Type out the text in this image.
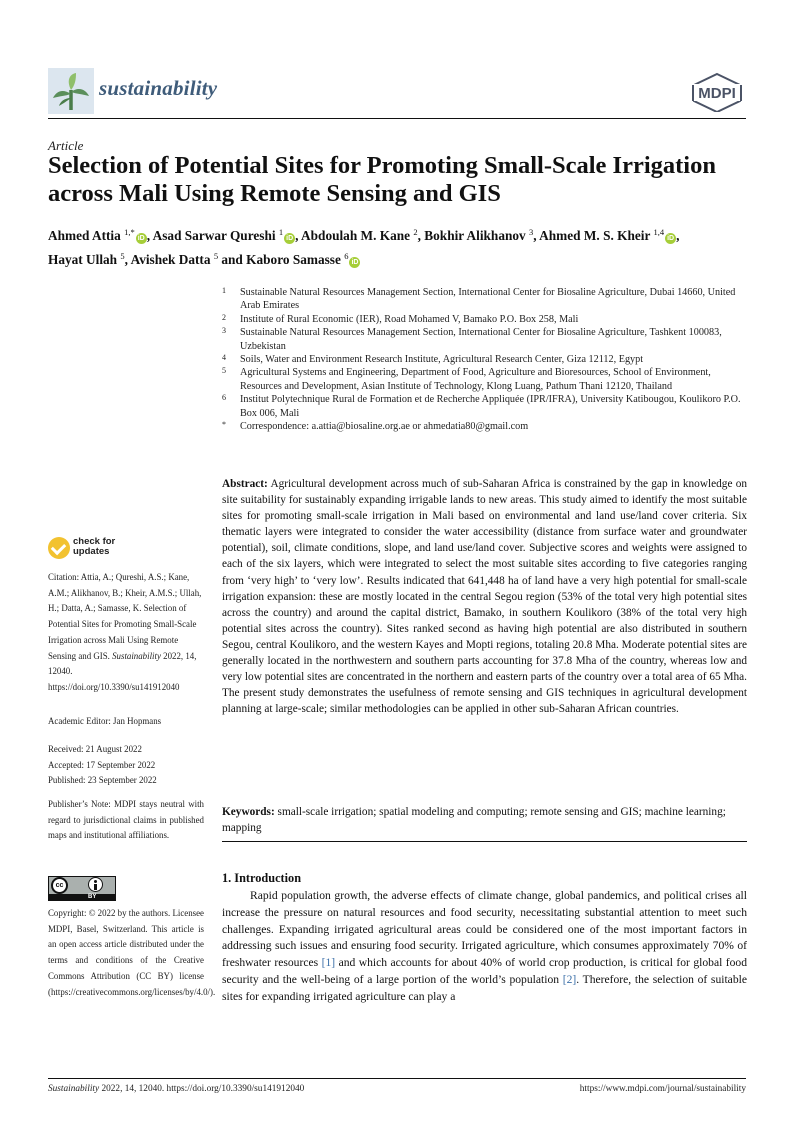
sustainability	MDPI
Article
Selection of Potential Sites for Promoting Small-Scale Irrigation across Mali Using Remote Sensing and GIS
Ahmed Attia $^{1,*}$iD , Asad Sarwar Qureshi $^1$iD , Abdoulah M. Kane $^2$, Bokhir Alikhanov $^3$, Ahmed M. S. Kheir $^{1,4}$iD ,
Hayat Ullah $^5$, Avishek Datta $^5$ and Kaboro Samasse $^6$iD
1 Sustainable Natural Resources Management Section, International Center for Biosaline Agriculture, Dubai 14660, United Arab Emirates
2 Institute of Rural Economic (IER), Road Mohamed V, Bamako P.O. Box 258, Mali
3 Sustainable Natural Resources Management Section, International Center for Biosaline Agriculture, Tashkent 100083, Uzbekistan
4 Soils, Water and Environment Research Institute, Agricultural Research Center, Giza 12112, Egypt
5 Agricultural Systems and Engineering, Department of Food, Agriculture and Bioresources, School of Environment, Resources and Development, Asian Institute of Technology, Klong Luang, Pathum Thani 12120, Thailand
6 Institut Polytechnique Rural de Formation et de Recherche Appliquée (IPR/IFRA), University Katibougou, Koulikoro P.O. Box 006, Mali
* Correspondence: a.attia@biosaline.org.ae or ahmedatia80@gmail.com
Abstract: Agricultural development across much of sub-Saharan Africa is constrained by the gap in knowledge on site suitability for sustainably expanding irrigable lands to new areas. This study aimed to identify the most suitable sites for promoting small-scale irrigation in Mali based on environmental and land use/land cover criteria. Six thematic layers were integrated to consider the water accessibility (distance from surface water and groundwater potential), soil, climate conditions, slope, and land use/land cover. Subjective scores and weights were assigned to each of the six layers, which were integrated to select the most suitable sites according to five categories ranging from ‘very high’ to ‘very low’. Results indicated that 641,448 ha of land have a very high potential for small-scale irrigation expansion: these are mostly located in the central Segou region (53% of the total very high potential sites across the country) and around the capital district, Bamako, in southern Koulikoro (38% of the total very high potential sites across the country). Sites ranked second as having high potential are also distributed in southern Segou, central Koulikoro, and the western Kayes and Mopti regions, totaling 20.8 Mha. Moderate potential sites are generally located in the northwestern and southern parts accounting for 37.8 Mha of the country, whereas low and very low potential sites are concentrated in the northern and eastern parts of the country over a total area of 65 Mha. The present study demonstrates the usefulness of remote sensing and GIS techniques in agricultural development planning at large-scale; similar methodologies can be applied in other sub-Saharan African countries.
Keywords: small-scale irrigation; spatial modeling and computing; remote sensing and GIS; machine learning; mapping
1. Introduction
Rapid population growth, the adverse effects of climate change, global pandemics, and political crises all increase the pressure on natural resources and food security, necessitating substantial attention to meet such challenges. Expanding irrigated agricultural areas could be considered one of the most important factors in addressing such issues and ensuring food security. Irrigated agriculture, which consumes approximately 70% of freshwater resources [1] and which accounts for about 40% of world crop production, is critical for global food security and the well-being of a large portion of the world’s population [2]. Therefore, the selection of suitable sites for expanding irrigated agriculture can play a
check for
updates
Citation: Attia, A.; Qureshi, A.S.; Kane, A.M.; Alikhanov, B.; Kheir, A.M.S.; Ullah, H.; Datta, A.; Samasse, K. Selection of Potential Sites for Promoting Small-Scale Irrigation across Mali Using Remote Sensing and GIS. Sustainability 2022, 14, 12040. https://doi.org/10.3390/su141912040
Academic Editor: Jan Hopmans
Received: 21 August 2022
Accepted: 17 September 2022
Published: 23 September 2022
Publisher’s Note: MDPI stays neutral with regard to jurisdictional claims in published maps and institutional affiliations.
cc
BY
Copyright: © 2022 by the authors. Licensee MDPI, Basel, Switzerland. This article is an open access article distributed under the terms and conditions of the Creative Commons Attribution (CC BY) license (https://creativecommons.org/licenses/by/4.0/).
Sustainability 2022, 14, 12040. https://doi.org/10.3390/su141912040	https://www.mdpi.com/journal/sustainability
